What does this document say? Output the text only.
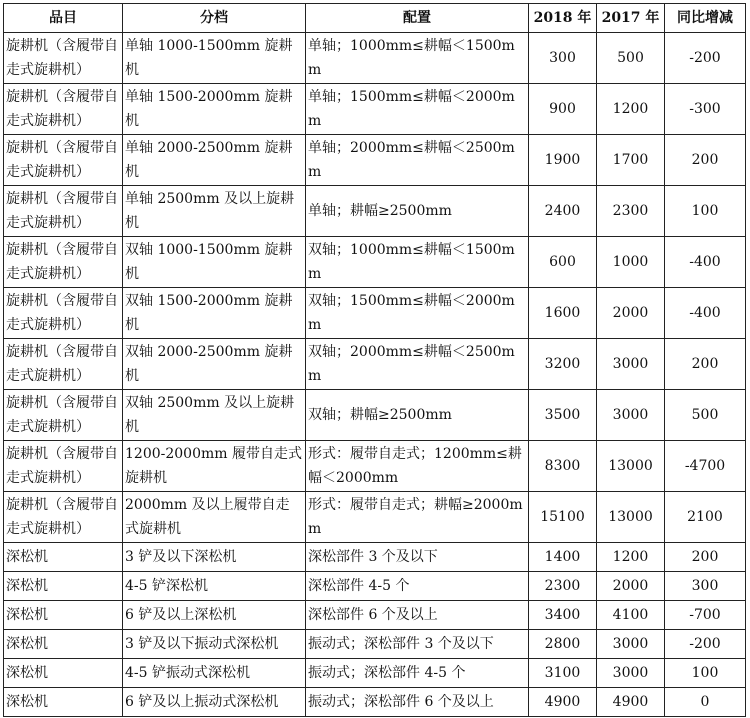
品目	分档	配置	2018 年	2017 年	同比增减
旋耕机（含履带自走式旋耕机）	单轴 1000-1500mm 旋耕机	单轴；1000mm≤耕幅＜1500mm	300	500	-200
旋耕机（含履带自走式旋耕机）	单轴 1500-2000mm 旋耕机	单轴；1500mm≤耕幅＜2000mm	900	1200	-300
旋耕机（含履带自走式旋耕机）	单轴 2000-2500mm 旋耕机	单轴；2000mm≤耕幅＜2500mm	1900	1700	200
旋耕机（含履带自走式旋耕机）	单轴 2500mm 及以上旋耕机	单轴；耕幅≥2500mm	2400	2300	100
旋耕机（含履带自走式旋耕机）	双轴 1000-1500mm 旋耕机	双轴；1000mm≤耕幅＜1500mm	600	1000	-400
旋耕机（含履带自走式旋耕机）	双轴 1500-2000mm 旋耕机	双轴；1500mm≤耕幅＜2000mm	1600	2000	-400
旋耕机（含履带自走式旋耕机）	双轴 2000-2500mm 旋耕机	双轴；2000mm≤耕幅＜2500mm	3200	3000	200
旋耕机（含履带自走式旋耕机）	双轴 2500mm 及以上旋耕机	双轴；耕幅≥2500mm	3500	3000	500
旋耕机（含履带自走式旋耕机）	1200-2000mm 履带自走式旋耕机	形式：履带自走式；1200mm≤耕幅＜2000mm	8300	13000	-4700
旋耕机（含履带自走式旋耕机）	2000mm 及以上履带自走式旋耕机	形式：履带自走式；耕幅≥2000mm	15100	13000	2100
深松机	3 铲及以下深松机	深松部件 3 个及以下	1400	1200	200
深松机	4-5 铲深松机	深松部件 4-5 个	2300	2000	300
深松机	6 铲及以上深松机	深松部件 6 个及以上	3400	4100	-700
深松机	3 铲及以下振动式深松机	振动式；深松部件 3 个及以下	2800	3000	-200
深松机	4-5 铲振动式深松机	振动式；深松部件 4-5 个	3100	3000	100
深松机	6 铲及以上振动式深松机	振动式；深松部件 6 个及以上	4900	4900	0
